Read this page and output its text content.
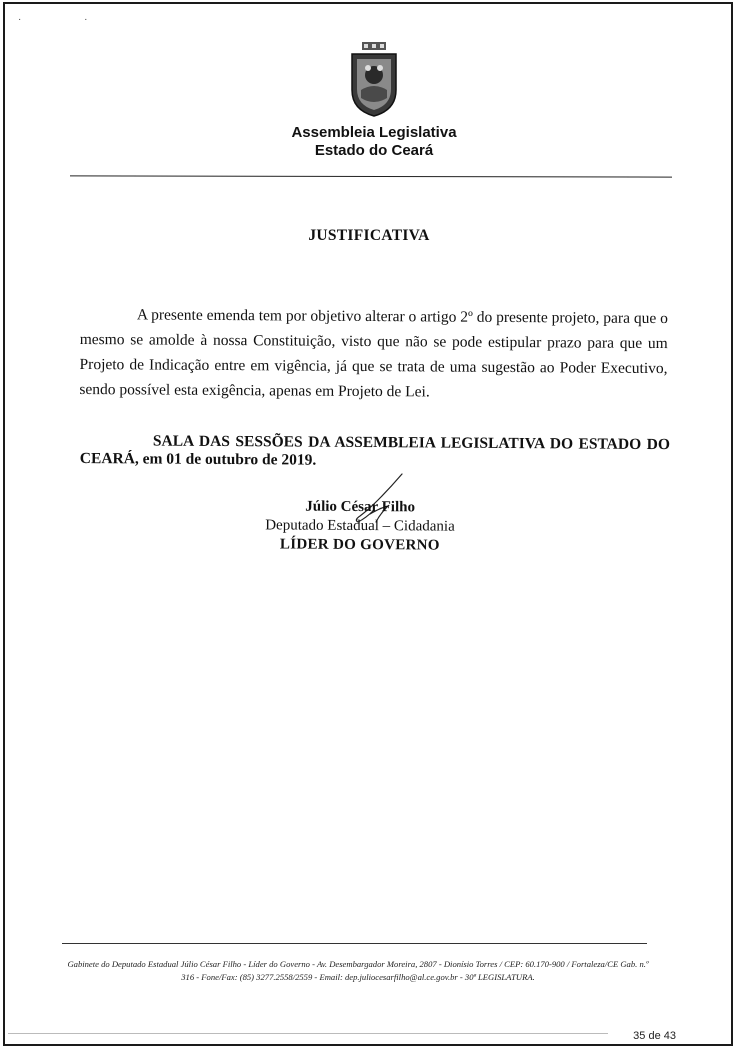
· ·
Assembleia Legislativa
Estado do Ceará
JUSTIFICATIVA

A presente emenda tem por objetivo alterar o artigo 2º do presente projeto, para que o mesmo se amolde à nossa Constituição, visto que não se pode estipular prazo para que um Projeto de Indicação entre em vigência, já que se trata de uma sugestão ao Poder Executivo, sendo possível esta exigência, apenas em Projeto de Lei.

SALA DAS SESSÕES DA ASSEMBLEIA LEGISLATIVA DO ESTADO DO CEARÁ, em 01 de outubro de 2019.

Júlio César Filho
Deputado Estadual – Cidadania
LÍDER DO GOVERNO
Gabinete do Deputado Estadual Júlio César Filho - Líder do Governo - Av. Desembargador Moreira, 2807 - Dionísio Torres / CEP: 60.170-900 / Fortaleza/CE Gab. n.º 316 - Fone/Fax: (85) 3277.2558/2559 - Email: dep.juliocesarfilho@al.ce.gov.br - 30ª LEGISLATURA.
35 de 43
